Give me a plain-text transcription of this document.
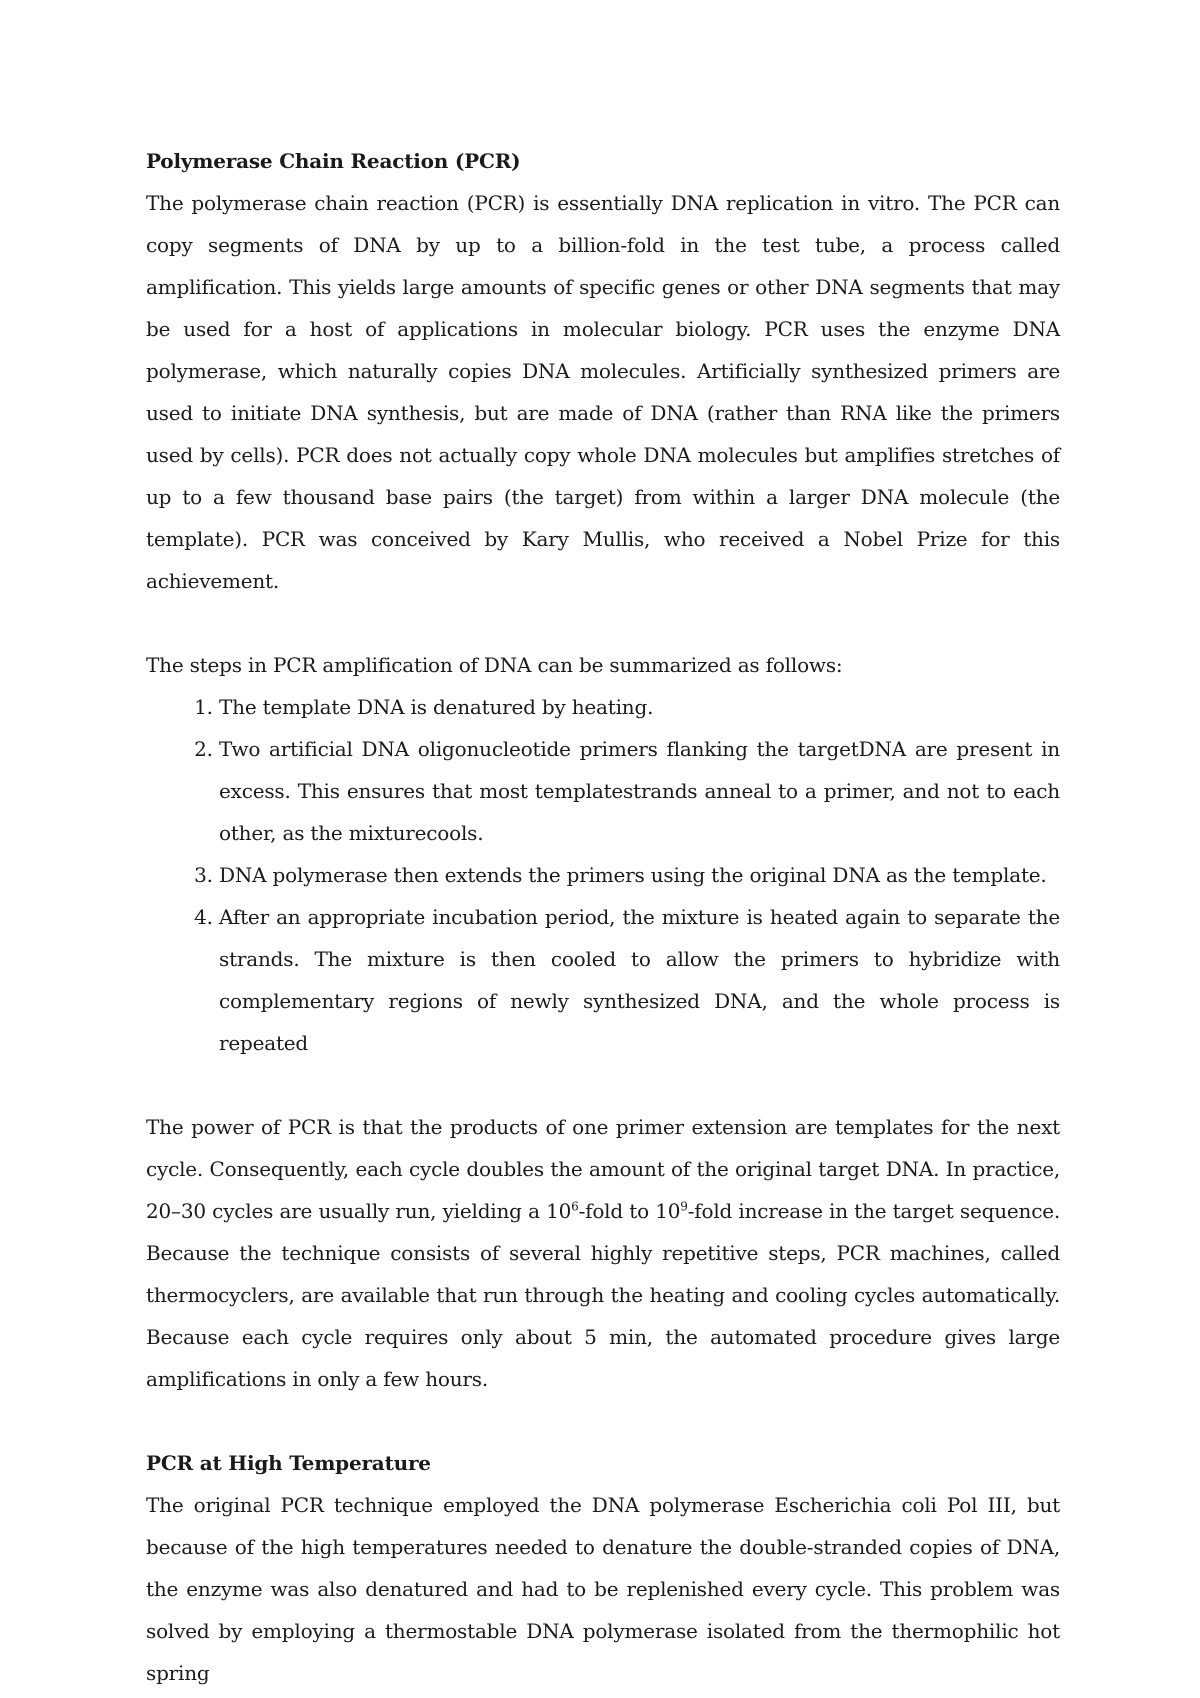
Polymerase Chain Reaction (PCR)

The polymerase chain reaction (PCR) is essentially DNA replication in vitro. The PCR can copy segments of DNA by up to a billion-fold in the test tube, a process called amplification. This yields large amounts of specific genes or other DNA segments that may be used for a host of applications in molecular biology. PCR uses the enzyme DNA polymerase, which naturally copies DNA molecules. Artificially synthesized primers are used to initiate DNA synthesis, but are made of DNA (rather than RNA like the primers used by cells). PCR does not actually copy whole DNA molecules but amplifies stretches of up to a few thousand base pairs (the target) from within a larger DNA molecule (the template). PCR was conceived by Kary Mullis, who received a Nobel Prize for this achievement.

The steps in PCR amplification of DNA can be summarized as follows:

1. The template DNA is denatured by heating.
2. Two artificial DNA oligonucleotide primers flanking the targetDNA are present in excess. This ensures that most templatestrands anneal to a primer, and not to each other, as the mixturecools.
3. DNA polymerase then extends the primers using the original DNA as the template.
4. After an appropriate incubation period, the mixture is heated again to separate the strands. The mixture is then cooled to allow the primers to hybridize with complementary regions of newly synthesized DNA, and the whole process is repeated

The power of PCR is that the products of one primer extension are templates for the next cycle. Consequently, each cycle doubles the amount of the original target DNA. In practice, 20–30 cycles are usually run, yielding a $10^6$-fold to $10^9$-fold increase in the target sequence. Because the technique consists of several highly repetitive steps, PCR machines, called thermocyclers, are available that run through the heating and cooling cycles automatically. Because each cycle requires only about 5 min, the automated procedure gives large amplifications in only a few hours.

PCR at High Temperature

The original PCR technique employed the DNA polymerase Escherichia coli Pol III, but because of the high temperatures needed to denature the double-stranded copies of DNA, the enzyme was also denatured and had to be replenished every cycle. This problem was solved by employing a thermostable DNA polymerase isolated from the thermophilic hot spring
